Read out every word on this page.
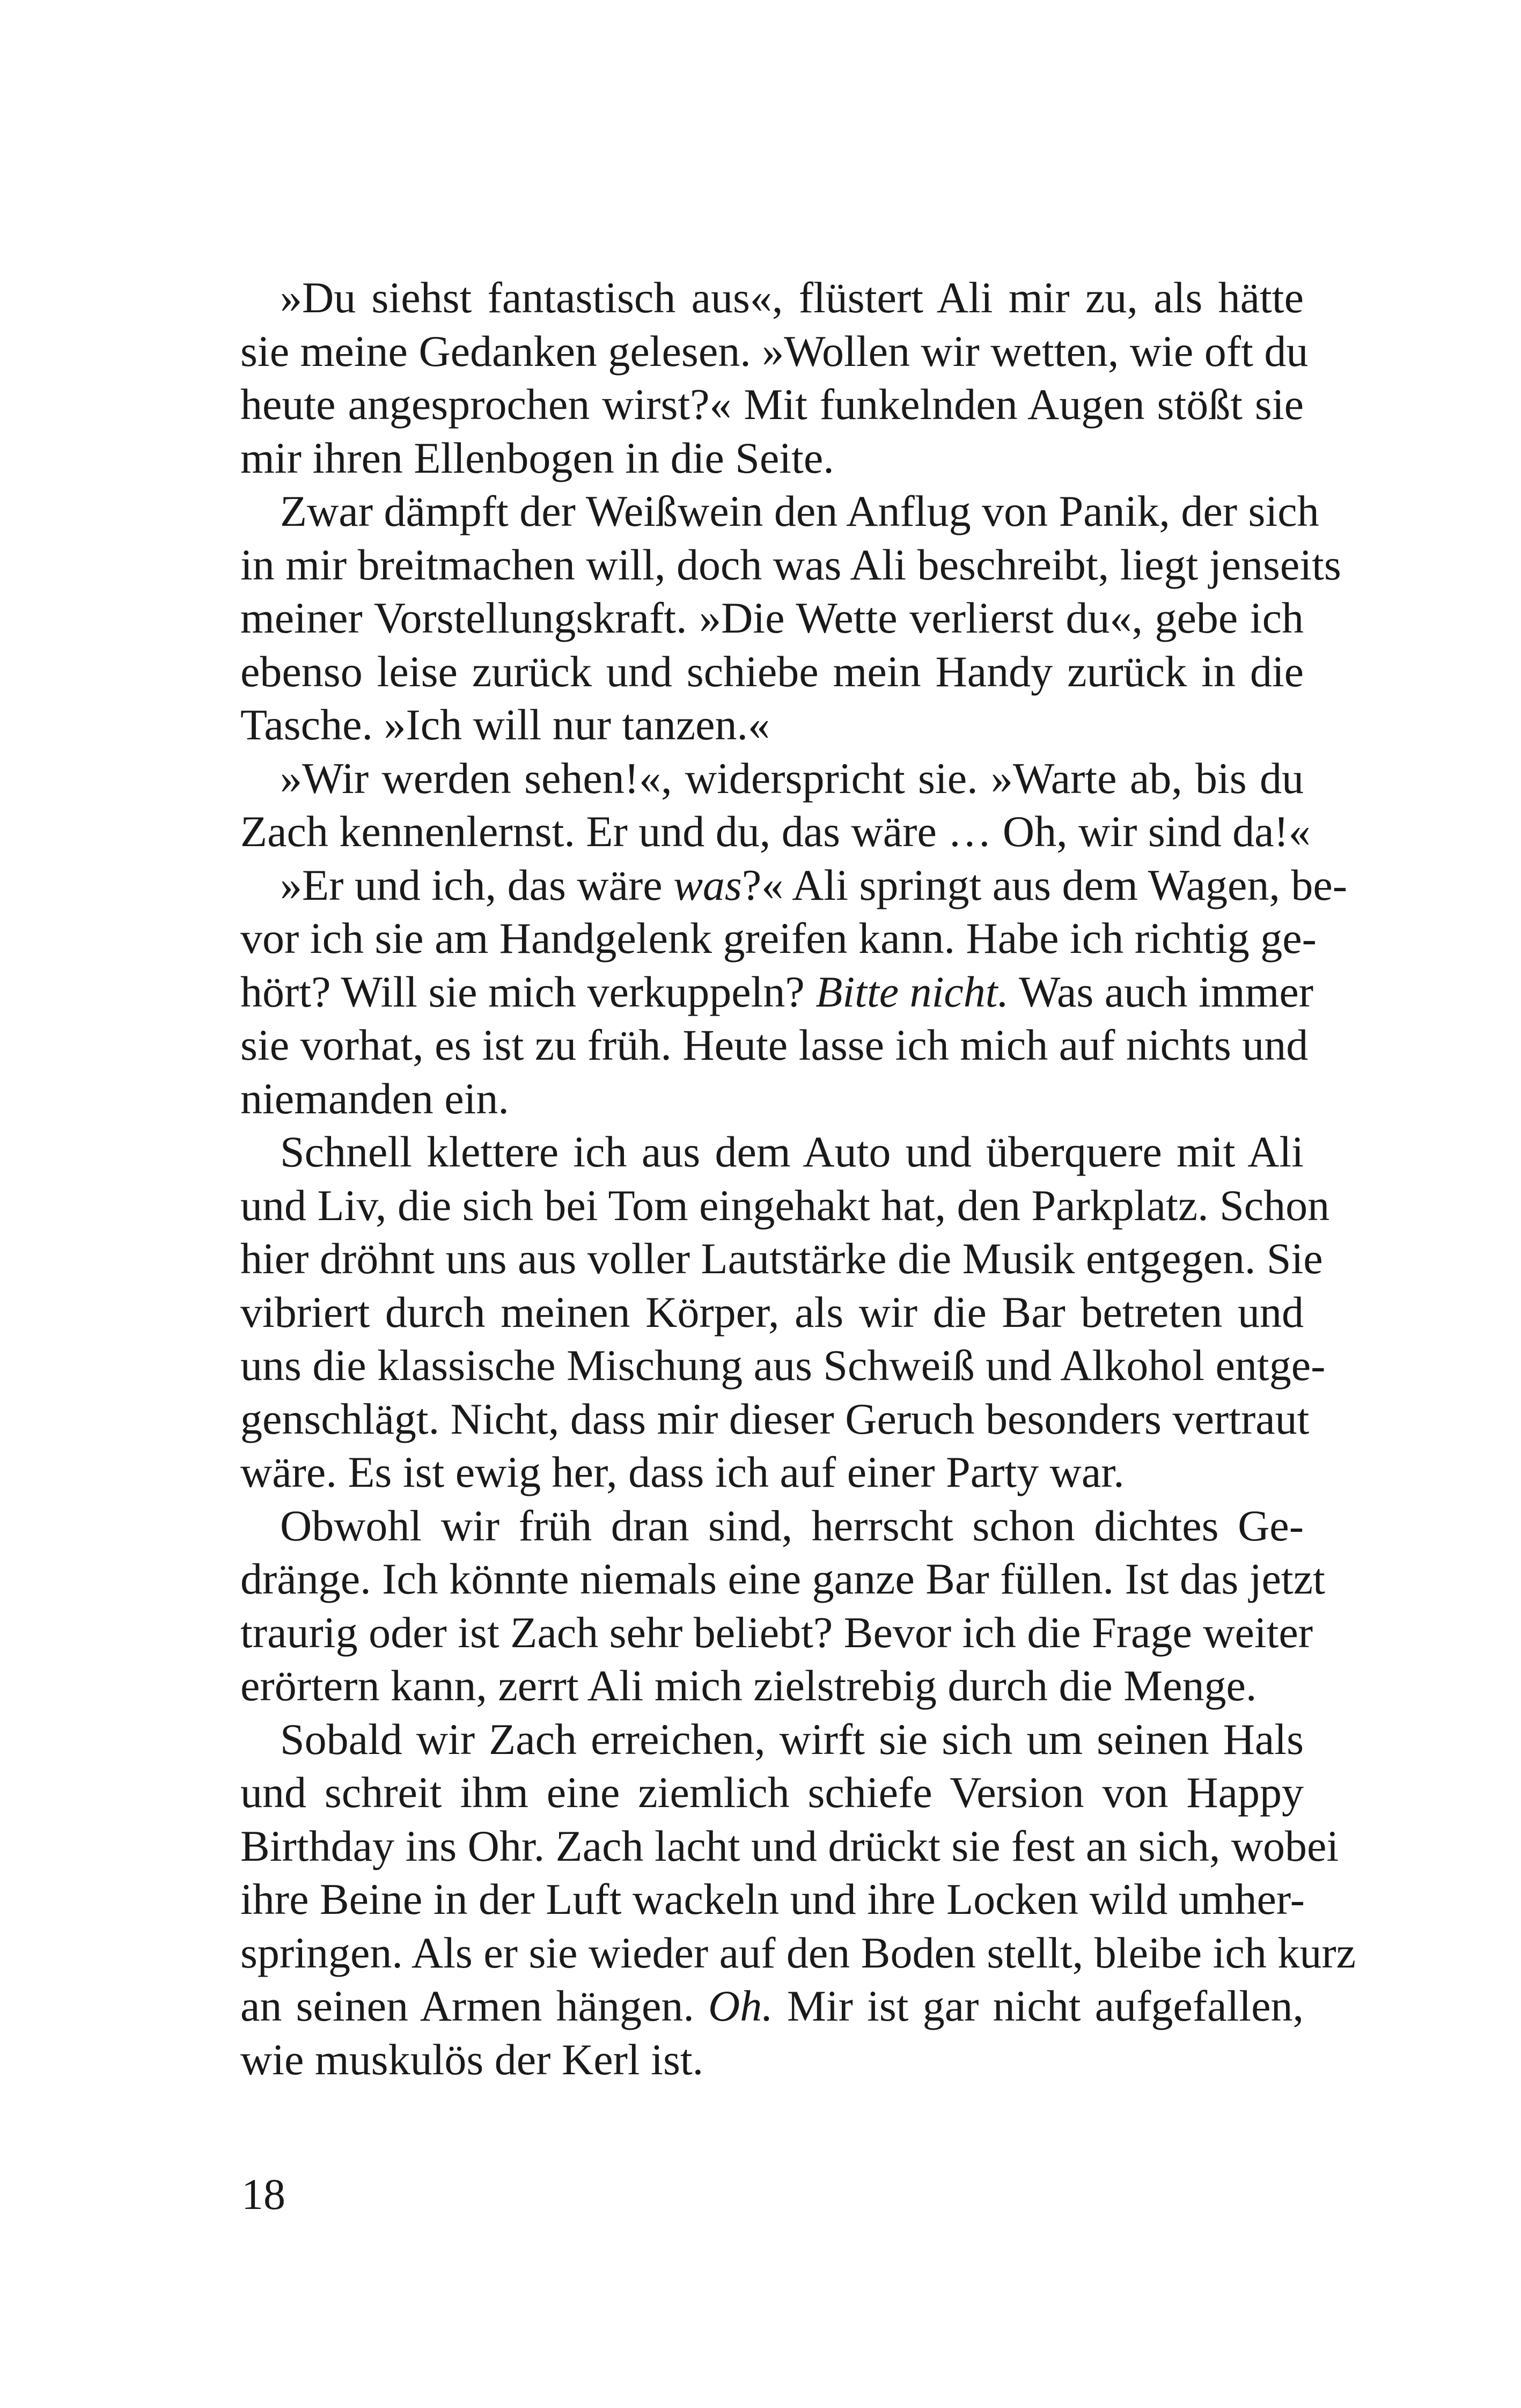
»Du siehst fantastisch aus«, flüstert Ali mir zu, als hätte
sie meine Gedanken gelesen. »Wollen wir wetten, wie oft du
heute angesprochen wirst?« Mit funkelnden Augen stößt sie
mir ihren Ellenbogen in die Seite.
Zwar dämpft der Weißwein den Anflug von Panik, der sich
in mir breitmachen will, doch was Ali beschreibt, liegt jenseits
meiner Vorstellungskraft. »Die Wette verlierst du«, gebe ich
ebenso leise zurück und schiebe mein Handy zurück in die
Tasche. »Ich will nur tanzen.«
»Wir werden sehen!«, widerspricht sie. »Warte ab, bis du
Zach kennenlernst. Er und du, das wäre … Oh, wir sind da!«
»Er und ich, das wäre was?« Ali springt aus dem Wagen, be-
vor ich sie am Handgelenk greifen kann. Habe ich richtig ge-
hört? Will sie mich verkuppeln? Bitte nicht. Was auch immer
sie vorhat, es ist zu früh. Heute lasse ich mich auf nichts und
niemanden ein.
Schnell klettere ich aus dem Auto und überquere mit Ali
und Liv, die sich bei Tom eingehakt hat, den Parkplatz. Schon
hier dröhnt uns aus voller Lautstärke die Musik entgegen. Sie
vibriert durch meinen Körper, als wir die Bar betreten und
uns die klassische Mischung aus Schweiß und Alkohol entge-
genschlägt. Nicht, dass mir dieser Geruch besonders vertraut
wäre. Es ist ewig her, dass ich auf einer Party war.
Obwohl wir früh dran sind, herrscht schon dichtes Ge-
dränge. Ich könnte niemals eine ganze Bar füllen. Ist das jetzt
traurig oder ist Zach sehr beliebt? Bevor ich die Frage weiter
erörtern kann, zerrt Ali mich zielstrebig durch die Menge.
Sobald wir Zach erreichen, wirft sie sich um seinen Hals
und schreit ihm eine ziemlich schiefe Version von Happy
Birthday ins Ohr. Zach lacht und drückt sie fest an sich, wobei
ihre Beine in der Luft wackeln und ihre Locken wild umher-
springen. Als er sie wieder auf den Boden stellt, bleibe ich kurz
an seinen Armen hängen. Oh. Mir ist gar nicht aufgefallen,
wie muskulös der Kerl ist.
18
